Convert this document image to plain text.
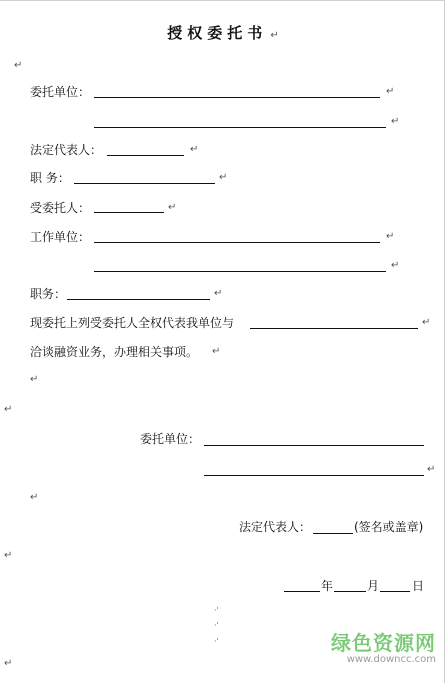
授权委托书 ↵
↵
委托单位：	↵
↵
法定代表人：	↵
职 务：	↵
受委托人：	↵
工作单位：	↵
↵
职务：	↵
现委托上列受委托人全权代表我单位与	↵
洽谈融资业务，办理相关事项。 ↵
↵
↵
委托单位：
↵
↵
法定代表人：	(签名或盖章)
↵
年	月	日
·ˈ
·ˈ
·ˈ
↵
绿色资源网
www.downcc.com
